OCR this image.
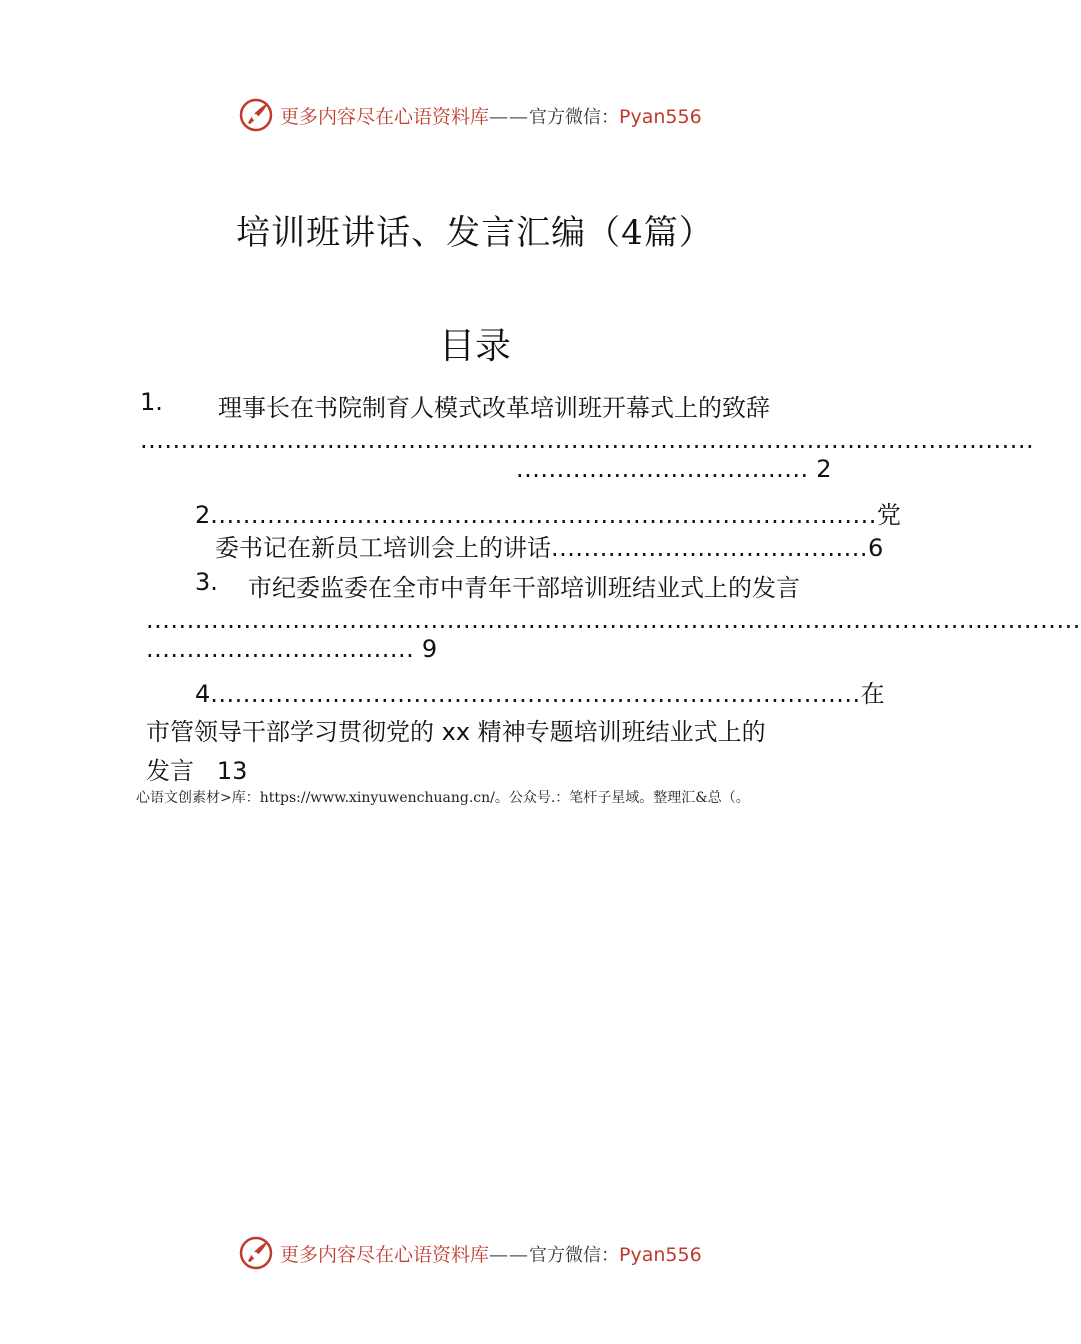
更多内容尽在心语资料库——官方微信：Pyan556
培训班讲话、发言汇编（4篇）
目录
1. 理事长在书院制育人模式改革培训班开幕式上的致辞
..............................................................................................................
.................................... 2
2..................................................................................党
委书记在新员工培训会上的讲话.......................................6
3. 市纪委监委在全市中青年干部培训班结业式上的发言
...................................................................................................................
................................. 9
4................................................................................在
市管领导干部学习贯彻党的 xx 精神专题培训班结业式上的
发言 13
心语文创素材>库：https://www.xinyuwenchuang.cn/。公众号.：笔杆子星域。整理汇&总（。
更多内容尽在心语资料库——官方微信：Pyan556
